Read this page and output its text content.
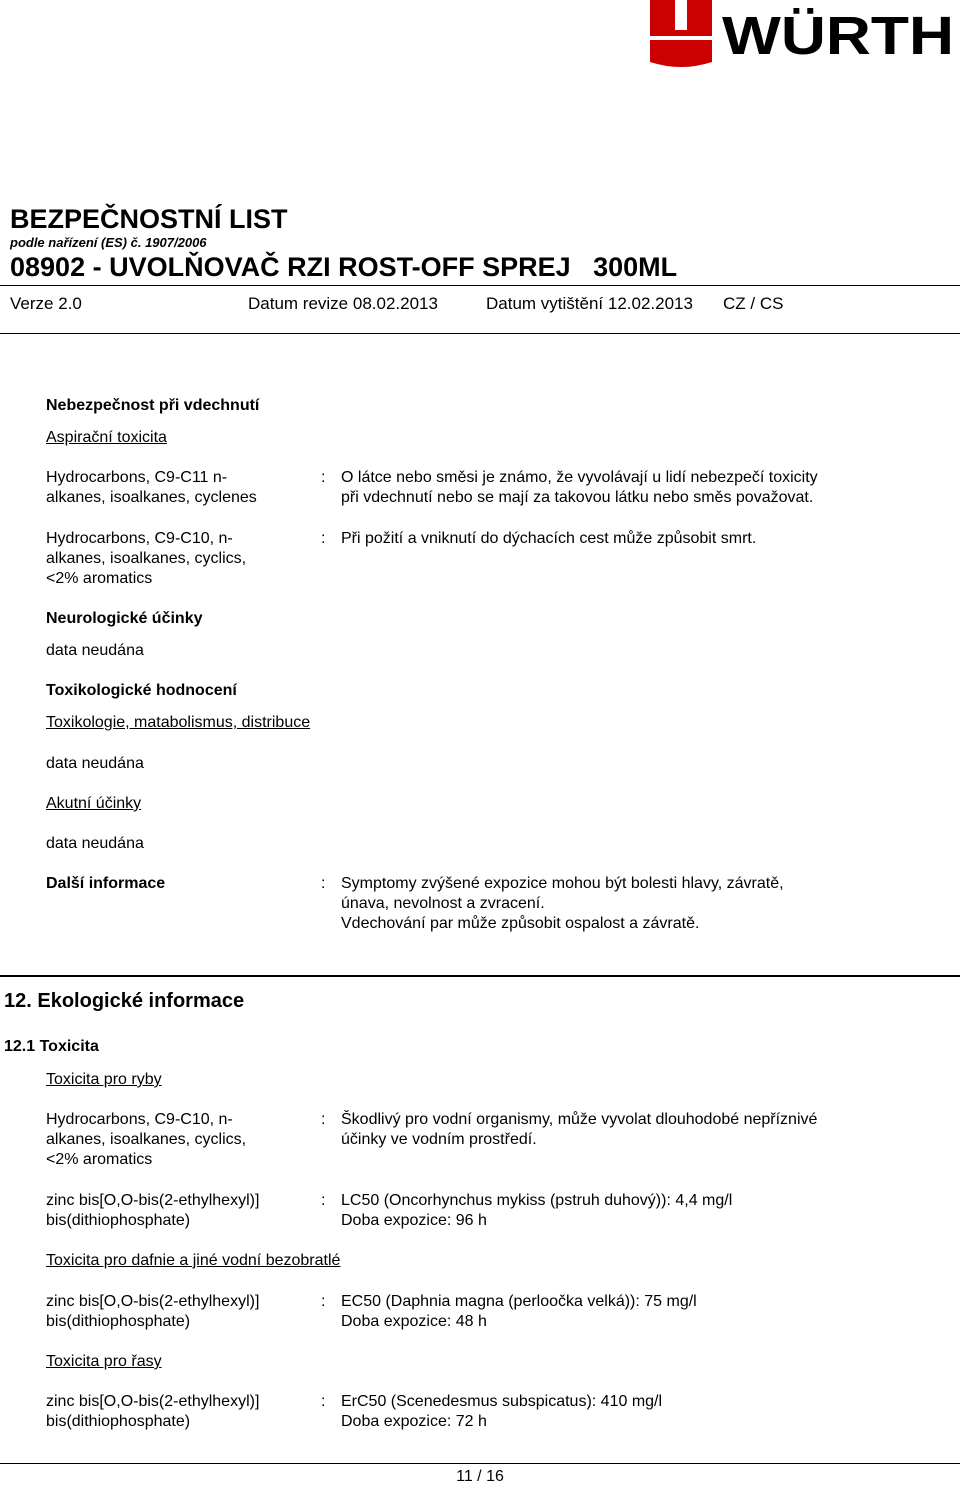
WÜRTH
BEZPEČNOSTNÍ LIST
podle nařízení (ES) č. 1907/2006
08902 - UVOLŇOVAČ RZI ROST-OFF SPREJ   300ML
Verze 2.0	Datum revize 08.02.2013	Datum vytištění 12.02.2013 CZ / CS
Nebezpečnost při vdechnutí
Aspirační toxicita
Hydrocarbons, C9-C11 n-
alkanes, isoalkanes, cyclenes
: O látce nebo směsi je známo, že vyvolávají u lidí nebezpečí toxicity
při vdechnutí nebo se mají za takovou látku nebo směs považovat.
Hydrocarbons, C9-C10, n-
alkanes, isoalkanes, cyclics,
<2% aromatics
: Při požití a vniknutí do dýchacích cest může způsobit smrt.
Neurologické účinky
data neudána
Toxikologické hodnocení
Toxikologie, matabolismus, distribuce
data neudána
Akutní účinky
data neudána
Další informace	: Symptomy zvýšené expozice mohou být bolesti hlavy, závratě,
únava, nevolnost a zvracení.
Vdechování par může způsobit ospalost a závratě.
12. Ekologické informace
12.1 Toxicita
Toxicita pro ryby
Hydrocarbons, C9-C10, n-
alkanes, isoalkanes, cyclics,
<2% aromatics
: Škodlivý pro vodní organismy, může vyvolat dlouhodobé nepříznivé
účinky ve vodním prostředí.
zinc bis[O,O-bis(2-ethylhexyl)]
bis(dithiophosphate)
: LC50 (Oncorhynchus mykiss (pstruh duhový)): 4,4 mg/l
Doba expozice: 96 h
Toxicita pro dafnie a jiné vodní bezobratlé
zinc bis[O,O-bis(2-ethylhexyl)]
bis(dithiophosphate)
: EC50 (Daphnia magna (perloočka velká)): 75 mg/l
Doba expozice: 48 h
Toxicita pro řasy
zinc bis[O,O-bis(2-ethylhexyl)]
bis(dithiophosphate)
: ErC50 (Scenedesmus subspicatus): 410 mg/l
Doba expozice: 72 h
11 / 16
